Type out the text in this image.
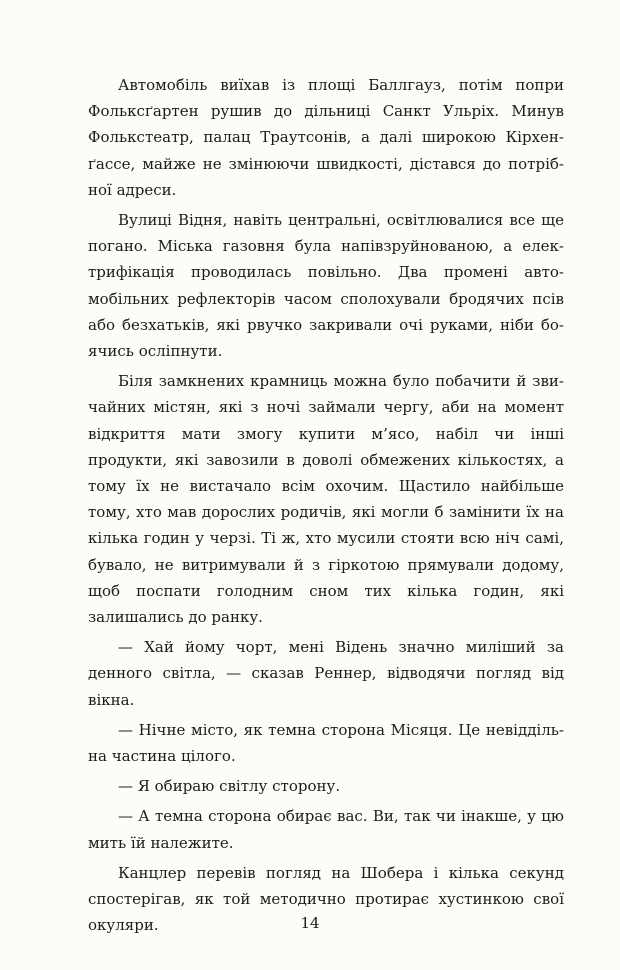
Автомобіль виїхав із площі Баллгауз, потім попри Фольксґартен рушив до дільниці Санкт Ульріх. Минув Фолькстеатр, палац Траутсонів, а далі широкою Кірхенґассе, майже не змінюючи швидкості, дістався до потрібної адреси.

Вулиці Відня, навіть центральні, освітлювалися все ще погано. Міська газовня була напівзруйнованою, а електрифікація проводилась повільно. Два промені автомобільних рефлекторів часом сполохували бродячих псів або безхатьків, які рвучко закривали очі руками, ніби боячись осліпнути.

Біля замкнених крамниць можна було побачити й звичайних містян, які з ночі займали чергу, аби на момент відкриття мати змогу купити м’ясо, набіл чи інші продукти, які завозили в доволі обмежених кількостях, а тому їх не вистачало всім охочим. Щастило найбільше тому, хто мав дорослих родичів, які могли б замінити їх на кілька годин у черзі. Ті ж, хто мусили стояти всю ніч самі, бувало, не витримували й з гіркотою прямували додому, щоб поспати голодним сном тих кілька годин, які залишались до ранку.

— Хай йому чорт, мені Відень значно миліший за денного світла, — сказав Реннер, відводячи погляд від вікна.

— Нічне місто, як темна сторона Місяця. Це невіддільна частина цілого.

— Я обираю світлу сторону.

— А темна сторона обирає вас. Ви, так чи інакше, у цю мить їй належите.

Канцлер перевів погляд на Шобера і кілька секунд спостерігав, як той методично протирає хустинкою свої окуляри.	14
